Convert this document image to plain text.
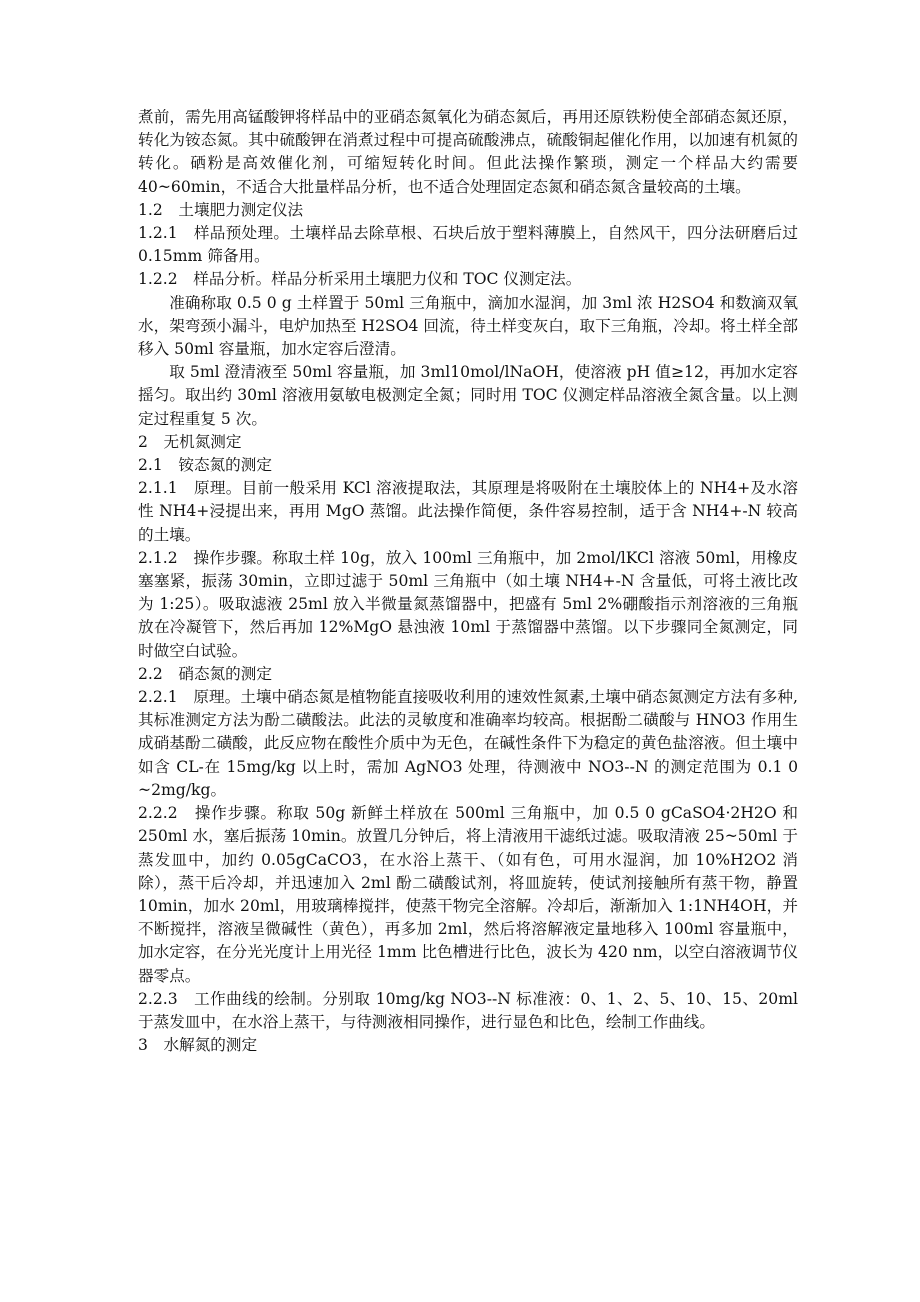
煮前，需先用高锰酸钾将样品中的亚硝态氮氧化为硝态氮后，再用还原铁粉使全部硝态氮还原，转化为铵态氮。其中硫酸钾在消煮过程中可提高硫酸沸点，硫酸铜起催化作用，以加速有机氮的转化。硒粉是高效催化剂，可缩短转化时间。但此法操作繁琐，测定一个样品大约需要 40~60min，不适合大批量样品分析，也不适合处理固定态氮和硝态氮含量较高的土壤。

1.2　土壤肥力测定仪法

1.2.1　样品预处理。土壤样品去除草根、石块后放于塑料薄膜上，自然风干，四分法研磨后过 0.15mm 筛备用。

1.2.2　样品分析。样品分析采用土壤肥力仪和 TOC 仪测定法。

准确称取 0.5 0 g 土样置于 50ml 三角瓶中，滴加水湿润，加 3ml 浓 H2SO4 和数滴双氧水，架弯颈小漏斗，电炉加热至 H2SO4 回流，待土样变灰白，取下三角瓶，冷却。将土样全部移入 50ml 容量瓶，加水定容后澄清。

取 5ml 澄清液至 50ml 容量瓶，加 3ml10mol/lNaOH，使溶液 pH 值≥12，再加水定容摇匀。取出约 30ml 溶液用氨敏电极测定全氮；同时用 TOC 仪测定样品溶液全氮含量。以上测定过程重复 5 次。

2　无机氮测定

2.1　铵态氮的测定

2.1.1　原理。目前一般采用 KCl 溶液提取法，其原理是将吸附在土壤胶体上的 NH4+及水溶性 NH4+浸提出来，再用 MgO 蒸馏。此法操作简便，条件容易控制，适于含 NH4+-N 较高的土壤。

2.1.2　操作步骤。称取土样 10g，放入 100ml 三角瓶中，加 2mol/lKCl 溶液 50ml，用橡皮塞塞紧，振荡 30min，立即过滤于 50ml 三角瓶中（如土壤 NH4+-N 含量低，可将土液比改为 1:25）。吸取滤液 25ml 放入半微量氮蒸馏器中，把盛有 5ml 2%硼酸指示剂溶液的三角瓶放在冷凝管下，然后再加 12%MgO 悬浊液 10ml 于蒸馏器中蒸馏。以下步骤同全氮测定，同时做空白试验。

2.2　硝态氮的测定

2.2.1　原理。土壤中硝态氮是植物能直接吸收利用的速效性氮素,土壤中硝态氮测定方法有多种,其标准测定方法为酚二磺酸法。此法的灵敏度和准确率均较高。根据酚二磺酸与 HNO3 作用生成硝基酚二磺酸，此反应物在酸性介质中为无色，在碱性条件下为稳定的黄色盐溶液。但土壤中如含 CL-在 15mg/kg 以上时，需加 AgNO3 处理，待测液中 NO3--N 的测定范围为 0.1 0 ~2mg/kg。

2.2.2　操作步骤。称取 50g 新鲜土样放在 500ml 三角瓶中，加 0.5 0 gCaSO4·2H2O 和 250ml 水，塞后振荡 10min。放置几分钟后，将上清液用干滤纸过滤。吸取清液 25~50ml 于蒸发皿中，加约 0.05gCaCO3，在水浴上蒸干、（如有色，可用水湿润，加 10%H2O2 消除），蒸干后冷却，并迅速加入 2ml 酚二磺酸试剂，将皿旋转，使试剂接触所有蒸干物，静置 10min，加水 20ml，用玻璃棒搅拌，使蒸干物完全溶解。冷却后，渐渐加入 1:1NH4OH，并不断搅拌，溶液呈微碱性（黄色），再多加 2ml，然后将溶解液定量地移入 100ml 容量瓶中，加水定容，在分光光度计上用光径 1mm 比色槽进行比色，波长为 420 nm，以空白溶液调节仪器零点。

2.2.3　工作曲线的绘制。分别取 10mg/kg NO3--N 标准液：0、1、2、5、10、15、20ml 于蒸发皿中，在水浴上蒸干，与待测液相同操作，进行显色和比色，绘制工作曲线。

3　水解氮的测定
